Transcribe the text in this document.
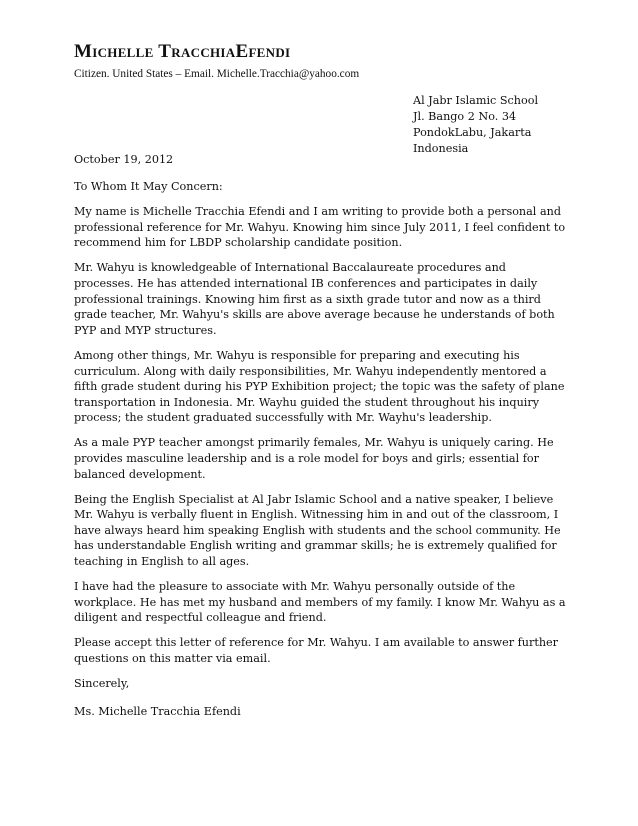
Michelle TracchiaEfendi

Citizen. United States – Email. Michelle.Tracchia@yahoo.com

Al Jabr Islamic School
Jl. Bango 2 No. 34
PondokLabu, Jakarta
Indonesia

October 19, 2012

To Whom It May Concern:

My name is Michelle Tracchia Efendi and I am writing to provide both a personal and professional reference for Mr. Wahyu. Knowing him since July 2011, I feel confident to recommend him for LBDP scholarship candidate position.

Mr. Wahyu is knowledgeable of International Baccalaureate procedures and processes. He has attended international IB conferences and participates in daily professional trainings. Knowing him first as a sixth grade tutor and now as a third grade teacher, Mr. Wahyu's skills are above average because he understands of both PYP and MYP structures.

Among other things, Mr. Wahyu is responsible for preparing and executing his curriculum. Along with daily responsibilities, Mr. Wahyu independently mentored a fifth grade student during his PYP Exhibition project; the topic was the safety of plane transportation in Indonesia. Mr. Wayhu guided the student throughout his inquiry process; the student graduated successfully with Mr. Wayhu's leadership.

As a male PYP teacher amongst primarily females, Mr. Wahyu is uniquely caring. He provides masculine leadership and is a role model for boys and girls; essential for balanced development.

Being the English Specialist at Al Jabr Islamic School and a native speaker, I believe Mr. Wahyu is verbally fluent in English. Witnessing him in and out of the classroom, I have always heard him speaking English with students and the school community. He has understandable English writing and grammar skills; he is extremely qualified for teaching in English to all ages.

I have had the pleasure to associate with Mr. Wahyu personally outside of the workplace. He has met my husband and members of my family. I know Mr. Wahyu as a diligent and respectful colleague and friend.

Please accept this letter of reference for Mr. Wahyu. I am available to answer further questions on this matter via email.

Sincerely,

Ms. Michelle Tracchia Efendi
